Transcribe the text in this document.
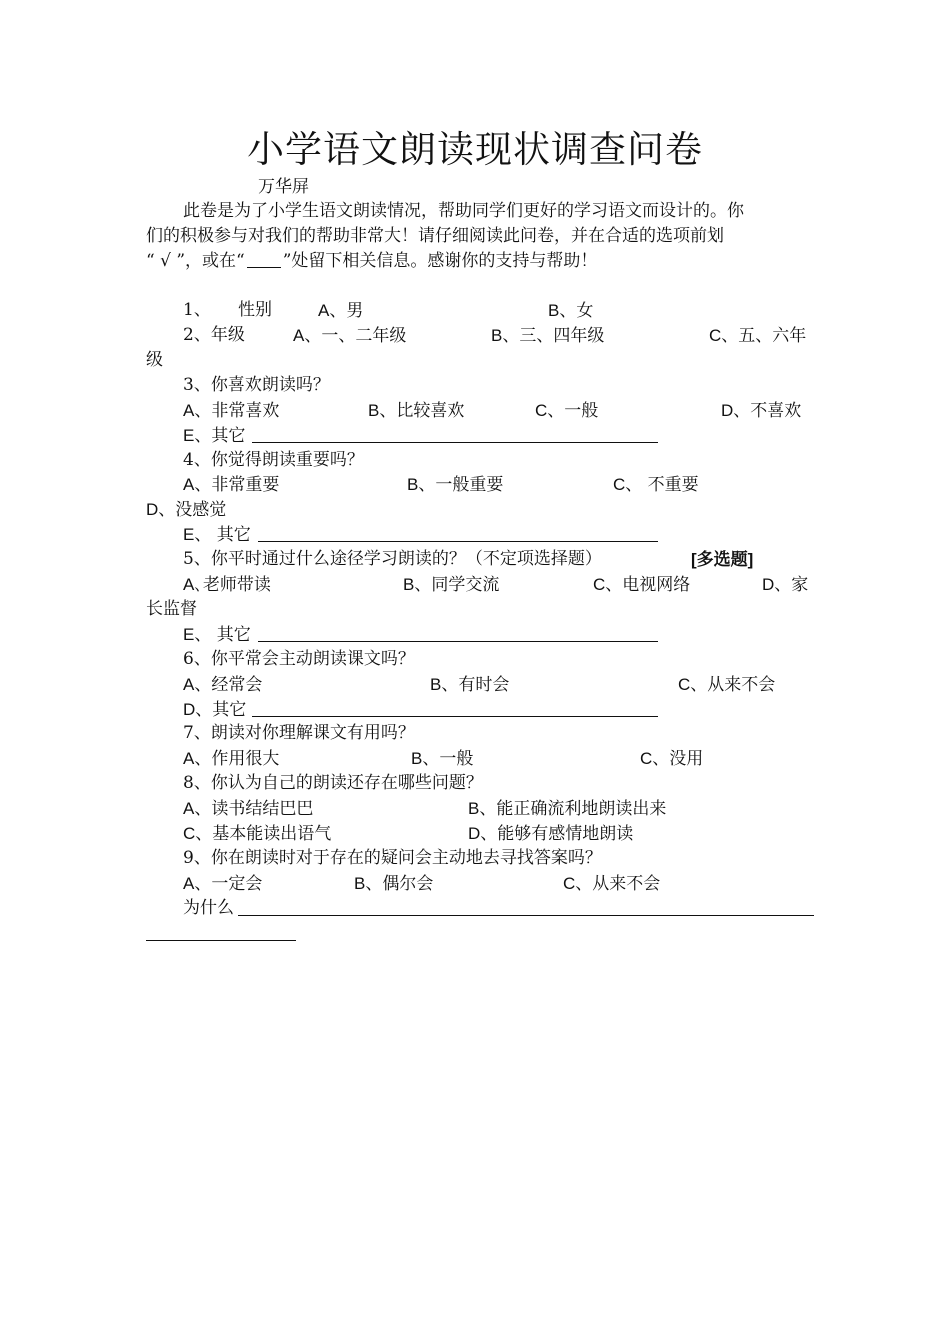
小学语文朗读现状调查问卷
万华屏
此卷是为了小学生语文朗读情况，帮助同学们更好的学习语文而设计的。你
们的积极参与对我们的帮助非常大！请仔细阅读此问卷，并在合适的选项前划
“ √ ”，或在“ ”处留下相关信息。感谢你的支持与帮助！
1、 性别	A、男	B、女
2、年级	A、一、二年级	B、三、四年级	C、五、六年
级
3、你喜欢朗读吗？
A、非常喜欢	B、比较喜欢	C、一般	D、不喜欢
E、其它
4、你觉得朗读重要吗？
A、非常重要	B、一般重要	C、 不重要
D、没感觉
E、 其它
5、你平时通过什么途径学习朗读的？（不定项选择题）	[多选题]
A､老师带读	B、同学交流	C、电视网络	D、家
长监督
E、 其它
6、你平常会主动朗读课文吗？
A、经常会	B、有时会	C、从来不会
D、其它
7、朗读对你理解课文有用吗？
A、作用很大	B、一般	C、没用
8、你认为自己的朗读还存在哪些问题？
A、读书结结巴巴	B、能正确流利地朗读出来
C、基本能读出语气	D、能够有感情地朗读
9、你在朗读时对于存在的疑问会主动地去寻找答案吗？
A、一定会	B、偶尔会	C、从来不会
为什么
